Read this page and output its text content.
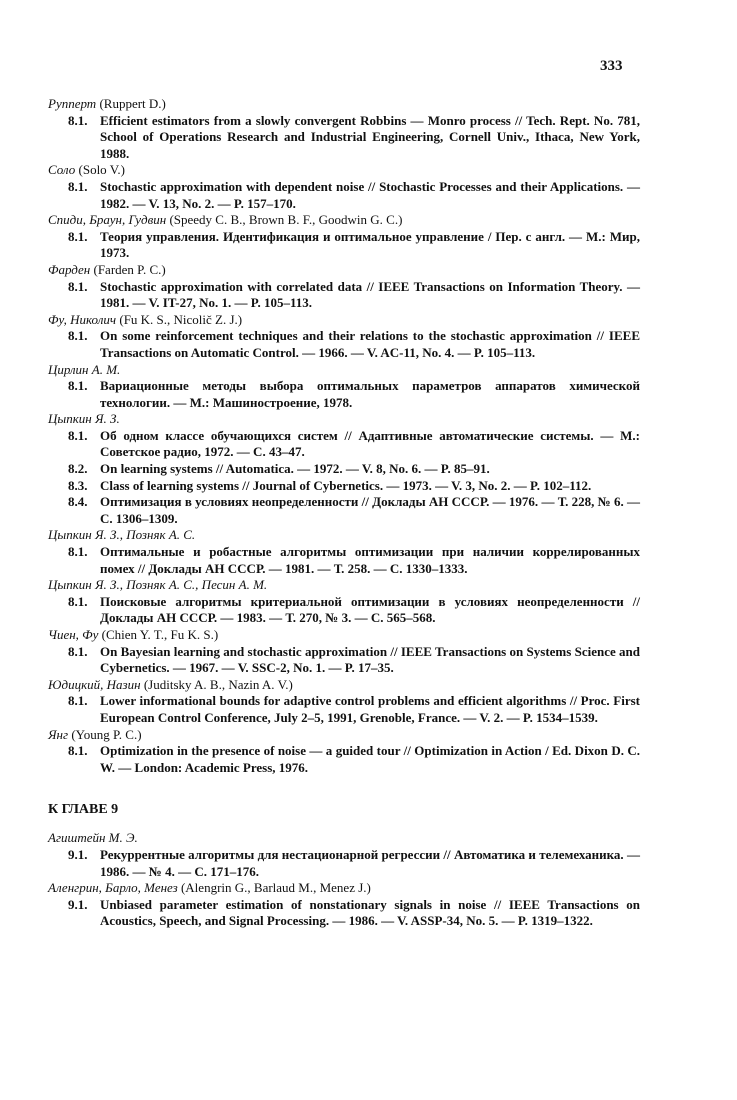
333
Рупперт (Ruppert D.)
8.1. Efficient estimators from a slowly convergent Robbins — Monro process // Tech. Rept. No. 781, School of Operations Research and Industrial Engineering, Cornell Univ., Ithaca, New York, 1988.
Соло (Solo V.)
8.1. Stochastic approximation with dependent noise // Stochastic Processes and their Applications. — 1982. — V. 13, No. 2. — P. 157–170.
Спиди, Браун, Гудвин (Speedy C. B., Brown B. F., Goodwin G. C.)
8.1. Теория управления. Идентификация и оптимальное управление / Пер. с англ. — М.: Мир, 1973.
Фарден (Farden P. C.)
8.1. Stochastic approximation with correlated data // IEEE Transactions on Information Theory. — 1981. — V. IT-27, No. 1. — P. 105–113.
Фу, Николич (Fu K. S., Nicolič Z. J.)
8.1. On some reinforcement techniques and their relations to the stochastic approximation // IEEE Transactions on Automatic Control. — 1966. — V. AC-11, No. 4. — P. 105–113.
Цирлин А. М.
8.1. Вариационные методы выбора оптимальных параметров аппаратов химической технологии. — М.: Машиностроение, 1978.
Цыпкин Я. З.
8.1. Об одном классе обучающихся систем // Адаптивные автоматические системы. — М.: Советское радио, 1972. — С. 43–47.
8.2. On learning systems // Automatica. — 1972. — V. 8, No. 6. — P. 85–91.
8.3. Class of learning systems // Journal of Cybernetics. — 1973. — V. 3, No. 2. — P. 102–112.
8.4. Оптимизация в условиях неопределенности // Доклады АН СССР. — 1976. — Т. 228, № 6. — С. 1306–1309.
Цыпкин Я. З., Позняк А. С.
8.1. Оптимальные и робастные алгоритмы оптимизации при наличии коррелированных помех // Доклады АН СССР. — 1981. — Т. 258. — С. 1330–1333.
Цыпкин Я. З., Позняк А. С., Песин А. М.
8.1. Поисковые алгоритмы критериальной оптимизации в условиях неопределенности // Доклады АН СССР. — 1983. — Т. 270, № 3. — С. 565–568.
Чиен, Фу (Chien Y. T., Fu K. S.)
8.1. On Bayesian learning and stochastic approximation // IEEE Transactions on Systems Science and Cybernetics. — 1967. — V. SSC-2, No. 1. — P. 17–35.
Юдицкий, Назин (Juditsky A. B., Nazin A. V.)
8.1. Lower informational bounds for adaptive control problems and efficient algorithms // Proc. First European Control Conference, July 2–5, 1991, Grenoble, France. — V. 2. — P. 1534–1539.
Янг (Young P. C.)
8.1. Optimization in the presence of noise — a guided tour // Optimization in Action / Ed. Dixon D. C. W. — London: Academic Press, 1976.
К ГЛАВЕ 9
Агиштейн М. Э.
9.1. Рекуррентные алгоритмы для нестационарной регрессии // Автоматика и телемеханика. — 1986. — № 4. — С. 171–176.
Аленгрин, Барло, Менез (Alengrin G., Barlaud M., Menez J.)
9.1. Unbiased parameter estimation of nonstationary signals in noise // IEEE Transactions on Acoustics, Speech, and Signal Processing. — 1986. — V. ASSP-34, No. 5. — P. 1319–1322.
